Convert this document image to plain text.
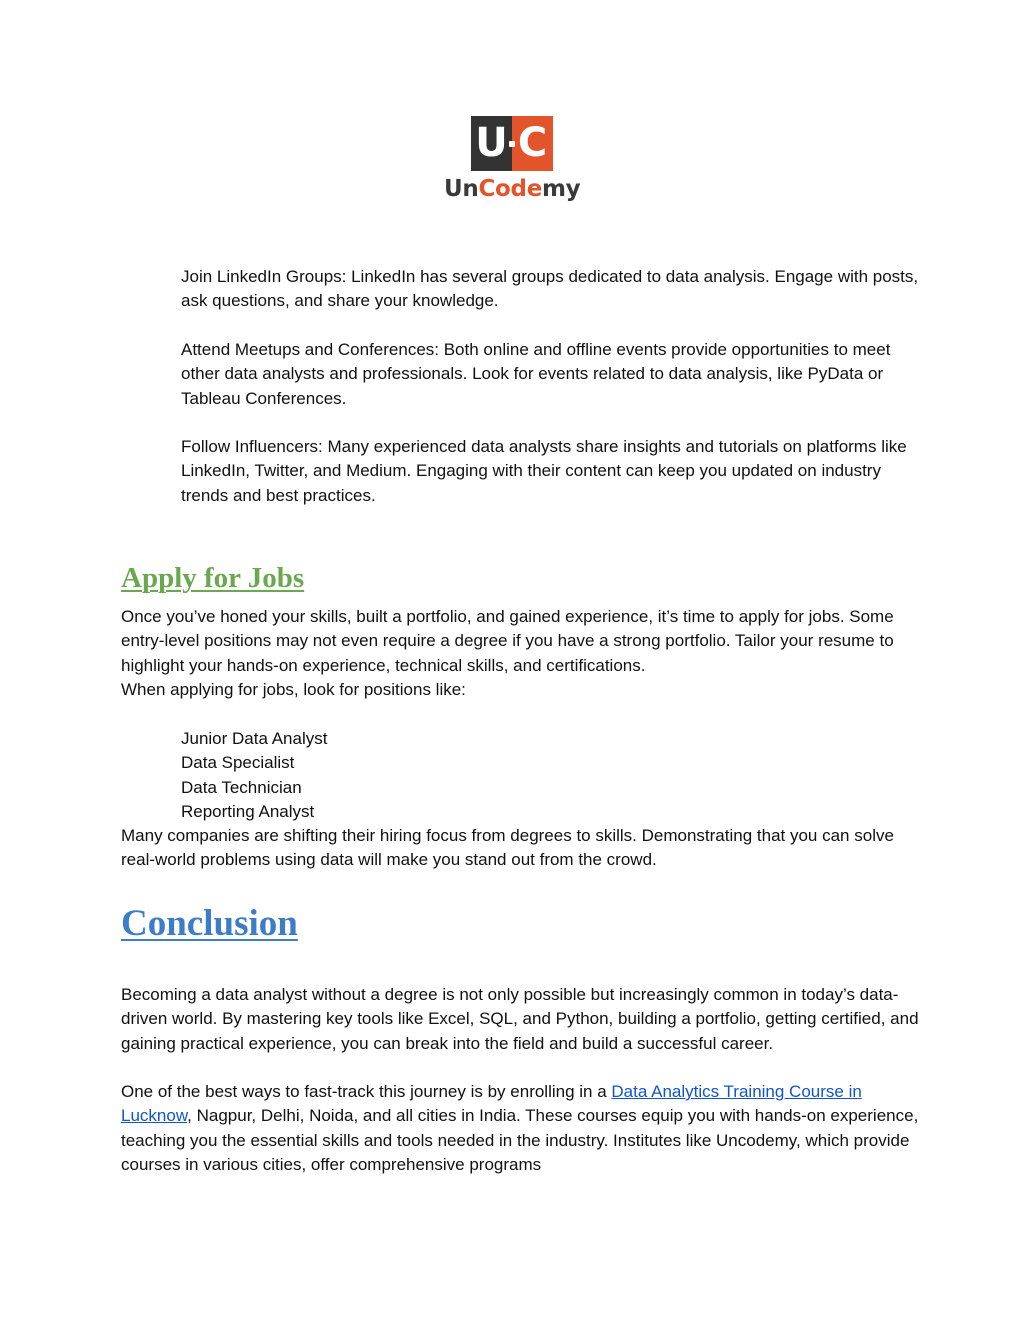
U C
UnCodemy

Join LinkedIn Groups: LinkedIn has several groups dedicated to data analysis. Engage with posts, ask questions, and share your knowledge.

Attend Meetups and Conferences: Both online and offline events provide opportunities to meet other data analysts and professionals. Look for events related to data analysis, like PyData or Tableau Conferences.

Follow Influencers: Many experienced data analysts share insights and tutorials on platforms like LinkedIn, Twitter, and Medium. Engaging with their content can keep you updated on industry trends and best practices.

Apply for Jobs

Once you’ve honed your skills, built a portfolio, and gained experience, it’s time to apply for jobs. Some entry-level positions may not even require a degree if you have a strong portfolio. Tailor your resume to highlight your hands-on experience, technical skills, and certifications.

When applying for jobs, look for positions like:

Junior Data Analyst
Data Specialist
Data Technician
Reporting Analyst

Many companies are shifting their hiring focus from degrees to skills. Demonstrating that you can solve real-world problems using data will make you stand out from the crowd.

Conclusion

Becoming a data analyst without a degree is not only possible but increasingly common in today’s data-driven world. By mastering key tools like Excel, SQL, and Python, building a portfolio, getting certified, and gaining practical experience, you can break into the field and build a successful career.

One of the best ways to fast-track this journey is by enrolling in a Data Analytics Training Course in Lucknow, Nagpur, Delhi, Noida, and all cities in India. These courses equip you with hands-on experience, teaching you the essential skills and tools needed in the industry. Institutes like Uncodemy, which provide courses in various cities, offer comprehensive programs
